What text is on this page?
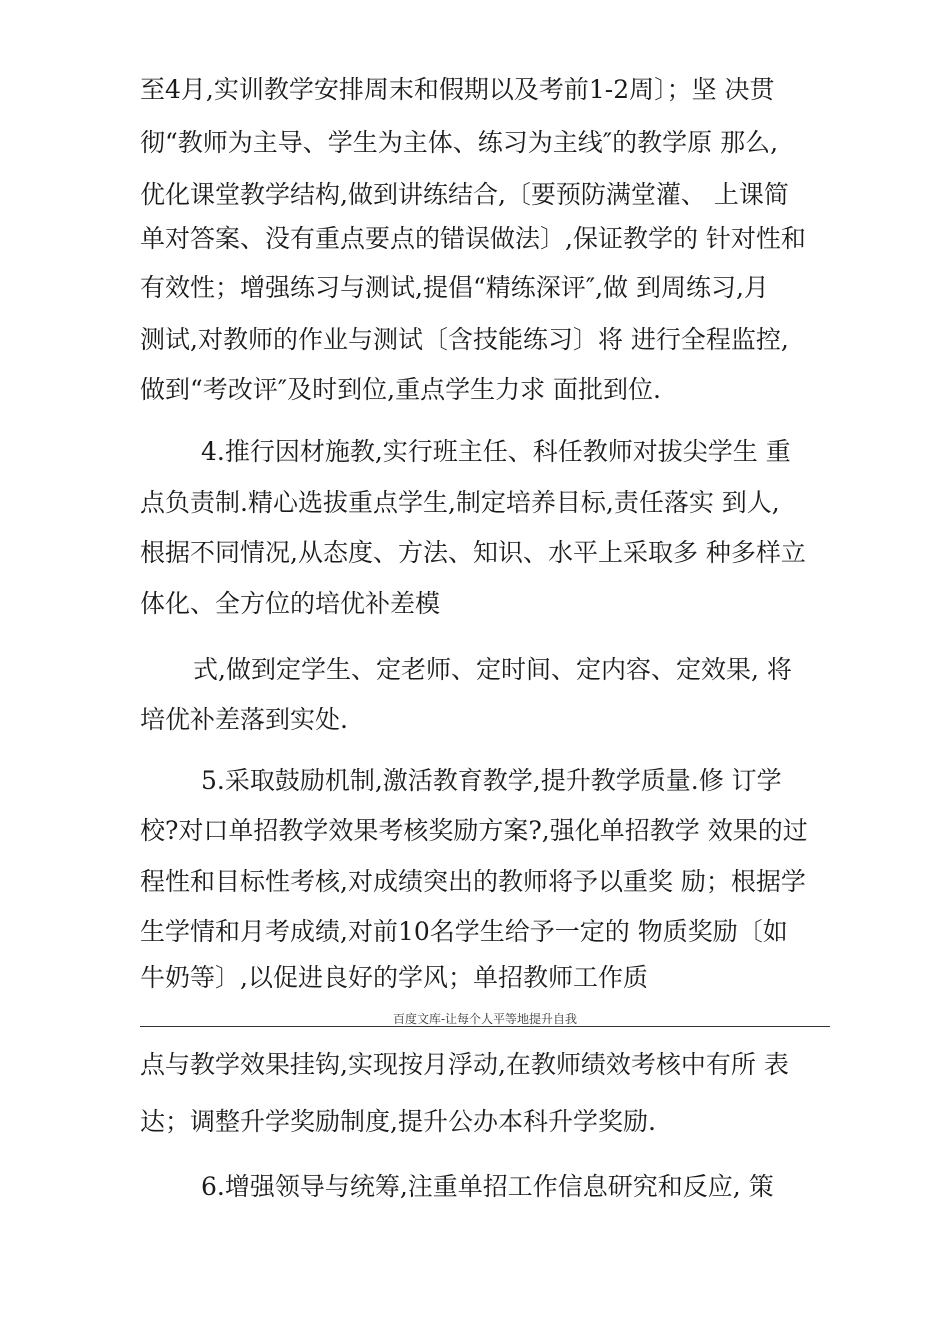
至4月,实训教学安排周末和假期以及考前1-2周〕；坚 决贯
彻“教师为主导、学生为主体、练习为主线″的教学原 那么,
优化课堂教学结构,做到讲练结合,〔要预防满堂灌、 上课简
单对答案、没有重点要点的错误做法〕,保证教学的 针对性和
有效性；增强练习与测试,提倡“精练深评″,做 到周练习,月
测试,对教师的作业与测试〔含技能练习〕将 进行全程监控,
做到“考改评″及时到位,重点学生力求 面批到位.
4.推行因材施教,实行班主任、科任教师对拔尖学生 重
点负责制.精心选拔重点学生,制定培养目标,责任落实 到人,
根据不同情况,从态度、方法、知识、水平上采取多 种多样立
体化、全方位的培优补差模
式,做到定学生、定老师、定时间、定内容、定效果, 将
培优补差落到实处.
5.采取鼓励机制,激活教育教学,提升教学质量.修 订学
校?对口单招教学效果考核奖励方案?,强化单招教学 效果的过
程性和目标性考核,对成绩突出的教师将予以重奖 励；根据学
生学情和月考成绩,对前10名学生给予一定的 物质奖励〔如
牛奶等〕,以促进良好的学风；单招教师工作质
百度文库-让每个人平等地提升自我
点与教学效果挂钩,实现按月浮动,在教师绩效考核中有所 表
达；调整升学奖励制度,提升公办本科升学奖励.
6.增强领导与统筹,注重单招工作信息研究和反应, 策
